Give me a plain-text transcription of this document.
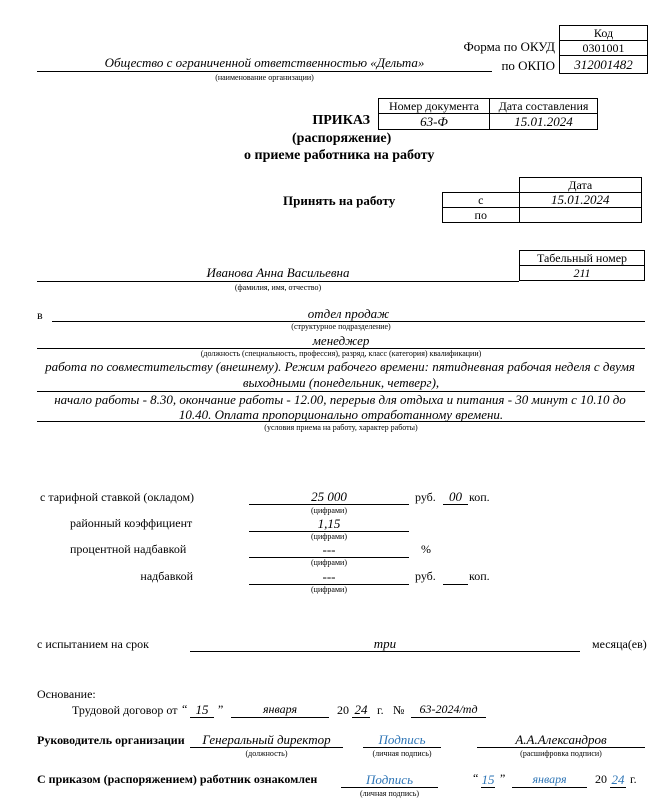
Код
0301001
312001482
Форма по ОКУД
по ОКПО
Общество с ограниченной ответственностью «Дельта»
(наименование организации)
Номер документа	Дата составления
63-Ф	15.01.2024
ПРИКАЗ
(распоряжение)
о приеме работника на работу
Принять на работу
	Дата
с	15.01.2024
по	
Табельный номер
211
Иванова Анна Васильевна
(фамилия, имя, отчество)
в	отдел продаж
(структурное подразделение)
менеджер
(должность (специальность, профессия), разряд, класс (категория) квалификации)
работа по совместительству (внешнему). Режим рабочего времени: пятидневная рабочая неделя с двумя
выходными (понедельник, четверг),
начало работы - 8.30, окончание работы - 12.00, перерыв для отдыха и питания - 30 минут с 10.10 до
10.40. Оплата пропорционально отработанному времени.
(условия приема на работу, характер работы)
с тарифной ставкой (окладом)	25 000	руб.	00 коп.
(цифрами)
районный коэффициент	1,15
(цифрами)
процентной надбавкой	---	%
(цифрами)
надбавкой	---	руб.	коп.
(цифрами)
с испытанием на срок	три	месяца(ев)
Основание:
Трудовой договор от “ 15 ”	января	20 24 г. №	63-2024/тд
Руководитель организации	Генеральный директор
(должность)
Подпись
(личная подпись)
А.А.Александров
(расшифровка подписи)
С приказом (распоряжением) работник ознакомлен	Подпись
(личная подпись)
“ 15 ”	января	20 24 г.
